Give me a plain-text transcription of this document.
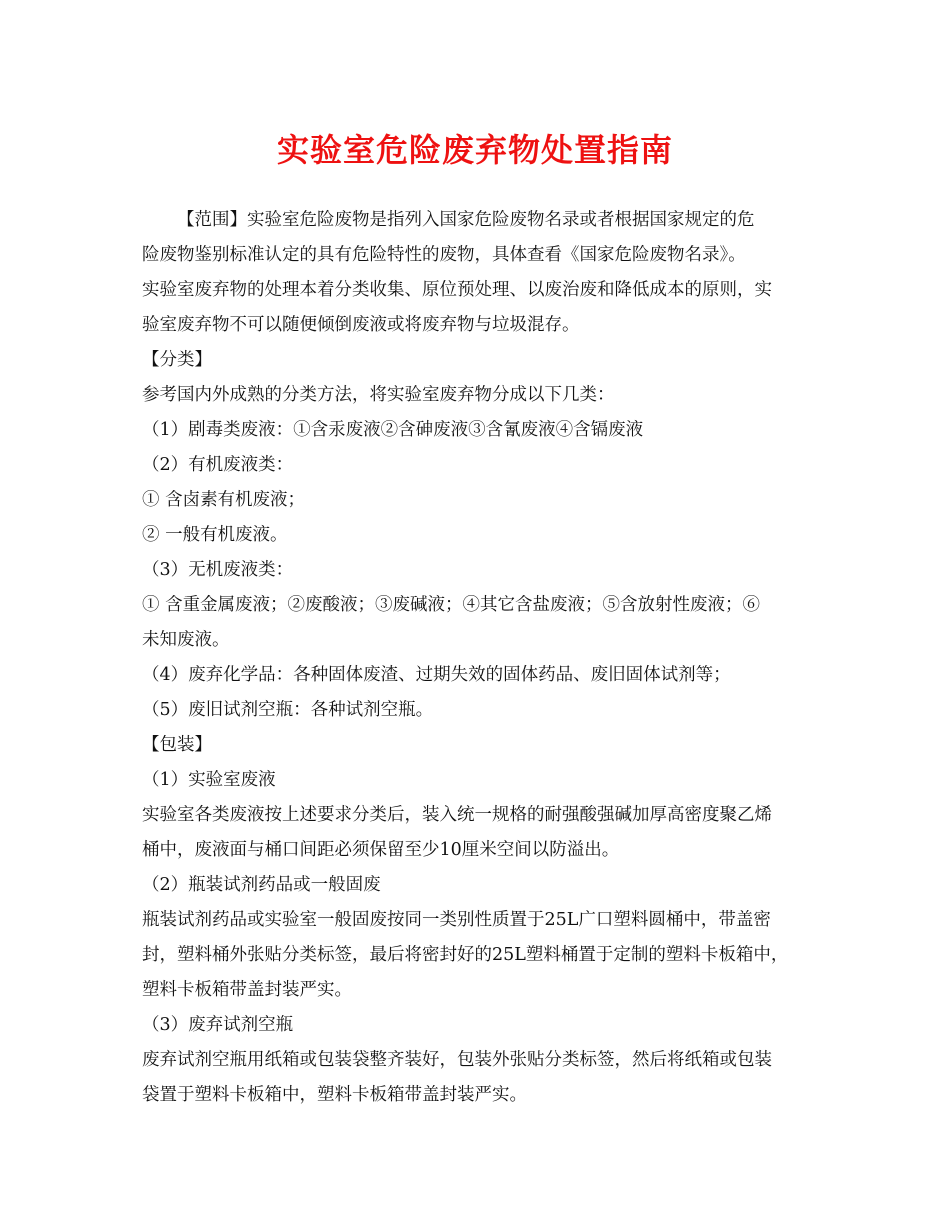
实验室危险废弃物处置指南

【范围】实验室危险废物是指列入国家危险废物名录或者根据国家规定的危

险废物鉴别标准认定的具有危险特性的废物，具体查看《国家危险废物名录》。

实验室废弃物的处理本着分类收集、原位预处理、以废治废和降低成本的原则，实

验室废弃物不可以随便倾倒废液或将废弃物与垃圾混存。

【分类】

参考国内外成熟的分类方法，将实验室废弃物分成以下几类：

（1）剧毒类废液：①含汞废液②含砷废液③含氰废液④含镉废液

（2）有机废液类：

① 含卤素有机废液；

② 一般有机废液。

（3）无机废液类：

① 含重金属废液；②废酸液；③废碱液；④其它含盐废液；⑤含放射性废液；⑥

未知废液。

（4）废弃化学品：各种固体废渣、过期失效的固体药品、废旧固体试剂等；

（5）废旧试剂空瓶：各种试剂空瓶。

【包装】

（1）实验室废液

实验室各类废液按上述要求分类后，装入统一规格的耐强酸强碱加厚高密度聚乙烯

桶中，废液面与桶口间距必须保留至少10厘米空间以防溢出。

（2）瓶装试剂药品或一般固废

瓶装试剂药品或实验室一般固废按同一类别性质置于25L广口塑料圆桶中，带盖密

封，塑料桶外张贴分类标签，最后将密封好的25L塑料桶置于定制的塑料卡板箱中，

塑料卡板箱带盖封装严实。

（3）废弃试剂空瓶

废弃试剂空瓶用纸箱或包装袋整齐装好，包装外张贴分类标签，然后将纸箱或包装

袋置于塑料卡板箱中，塑料卡板箱带盖封装严实。
